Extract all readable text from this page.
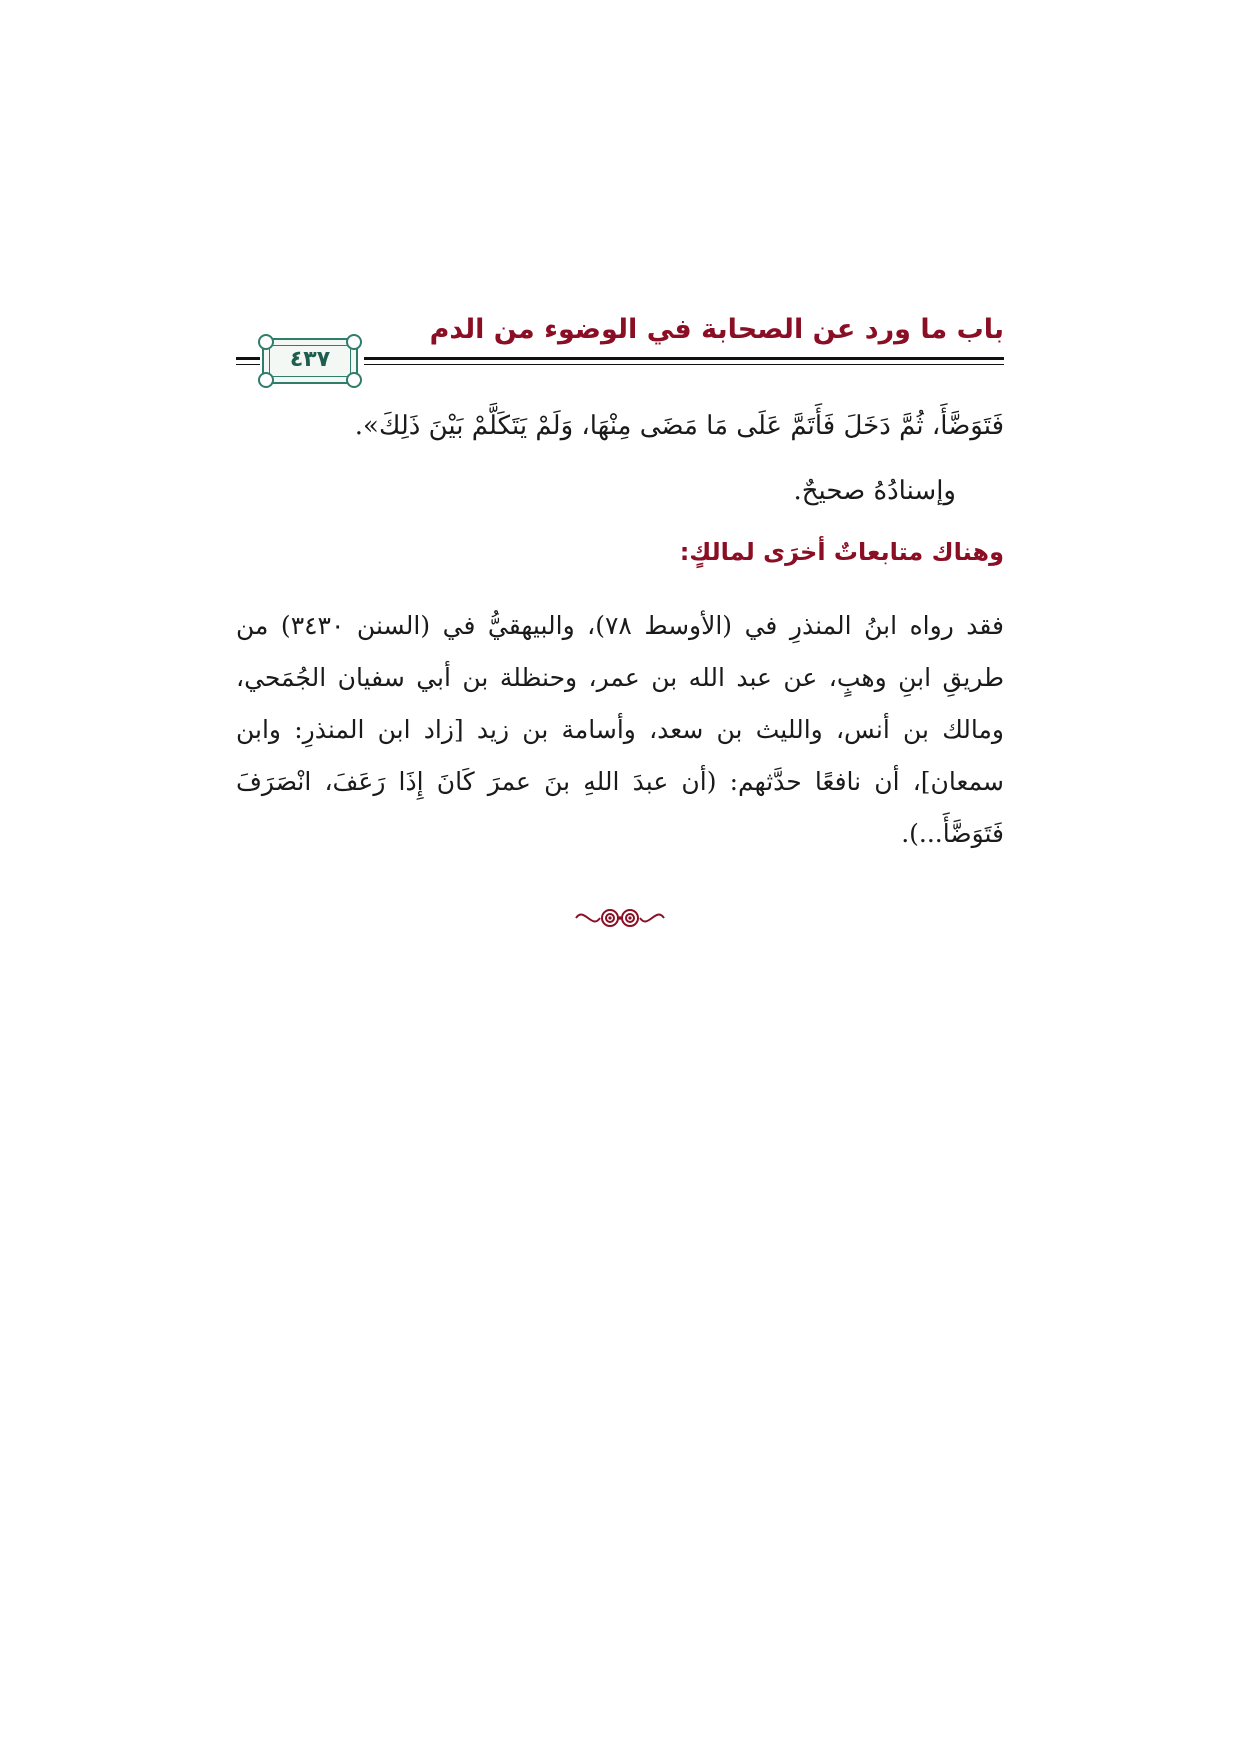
باب ما ورد عن الصحابة في الوضوء من الدم
٤٣٧
فَتَوَضَّأَ، ثُمَّ دَخَلَ فَأَتَمَّ عَلَى مَا مَضَى مِنْهَا، وَلَمْ يَتَكَلَّمْ بَيْنَ ذَلِكَ».
وإسنادُهُ صحيحٌ.
وهناك متابعاتٌ أخرَى لمالكٍ:
فقد رواه ابنُ المنذرِ في (الأوسط ٧٨)، والبيهقيُّ في (السنن ٣٤٣٠) من طريقِ ابنِ وهبٍ، عن عبد الله بن عمر، وحنظلة بن أبي سفيان الجُمَحي، ومالك بن أنس، والليث بن سعد، وأسامة بن زيد [زاد ابن المنذرِ: وابن سمعان]، أن نافعًا حدَّثهم: (أن عبدَ اللهِ بنَ عمرَ كَانَ إِذَا رَعَفَ، انْصَرَفَ فَتَوَضَّأَ...).
